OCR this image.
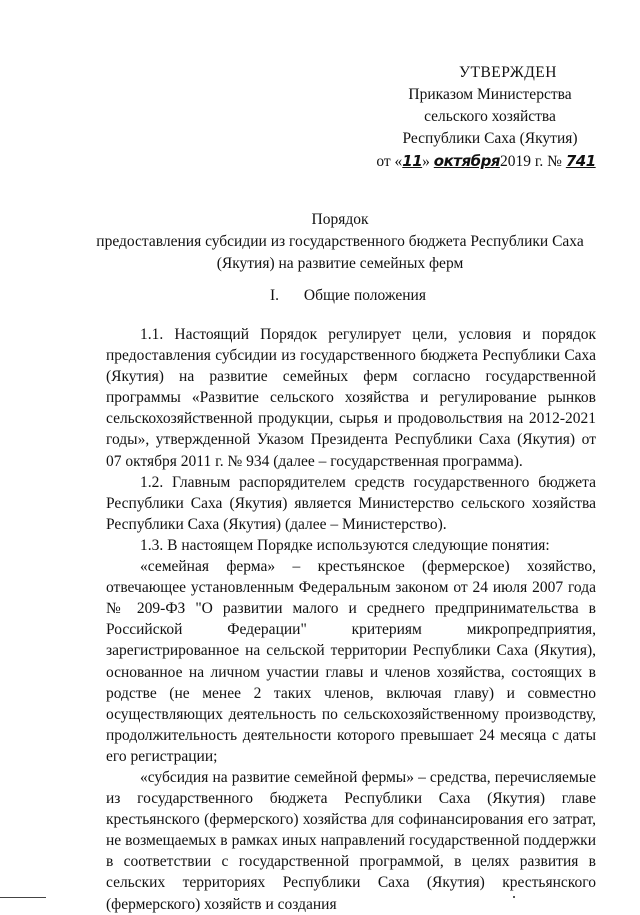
УТВЕРЖДЕН
Приказом Министерства
сельского хозяйства
Республики Саха (Якутия)
от «11» октября2019 г. № 741
Порядок
предоставления субсидии из государственного бюджета Республики Саха
(Якутия) на развитие семейных ферм
I. Общие положения

1.1. Настоящий Порядок регулирует цели, условия и порядок предоставления субсидии из государственного бюджета Республики Саха (Якутия) на развитие семейных ферм согласно государственной программы «Развитие сельского хозяйства и регулирование рынков сельскохозяйственной продукции, сырья и продовольствия на 2012-2021 годы», утвержденной Указом Президента Республики Саха (Якутия) от 07 октября 2011 г. № 934 (далее – государственная программа).

1.2. Главным распорядителем средств государственного бюджета Республики Саха (Якутия) является Министерство сельского хозяйства Республики Саха (Якутия) (далее – Министерство).

1.3. В настоящем Порядке используются следующие понятия:

«семейная ферма» – крестьянское (фермерское) хозяйство, отвечающее установленным Федеральным законом от 24 июля 2007 года № 209-ФЗ "О развитии малого и среднего предпринимательства в Российской Федерации" критериям микропредприятия, зарегистрированное на сельской территории Республики Саха (Якутия), основанное на личном участии главы и членов хозяйства, состоящих в родстве (не менее 2 таких членов, включая главу) и совместно осуществляющих деятельность по сельскохозяйственному производству, продолжительность деятельности которого превышает 24 месяца с даты его регистрации;

«субсидия на развитие семейной фермы» – средства, перечисляемые из государственного бюджета Республики Саха (Якутия) главе крестьянского (фермерского) хозяйства для софинансирования его затрат, не возмещаемых в рамках иных направлений государственной поддержки в соответствии с государственной программой, в целях развития в сельских территориях Республики Саха (Якутия) крестьянского (фермерского) хозяйств и создания
